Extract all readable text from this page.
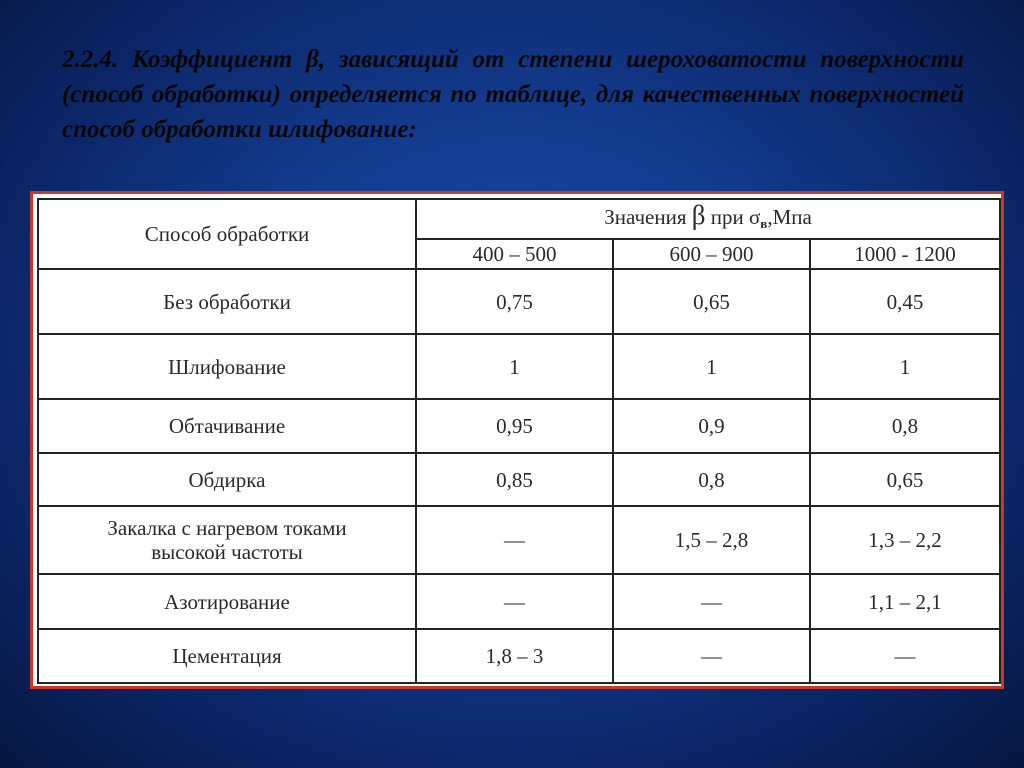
2.2.4. Коэффициент β, зависящий от степени шероховатости поверхности (способ обработки) определяется по таблице, для качественных поверхностей способ обработки шлифование:
Способ обработки	Значения β при σв,Мпа		
	400 – 500	600 – 900	1000 - 1200
Без обработки	0,75	0,65	0,45
Шлифование	1	1	1
Обтачивание	0,95	0,9	0,8
Обдирка	0,85	0,8	0,65

Закалка с нагревом токами
высокой частоты	—	1,5 – 2,8	1,3 – 2,2
Азотирование	—	—	1,1 – 2,1
Цементация	1,8 – 3	—	—
